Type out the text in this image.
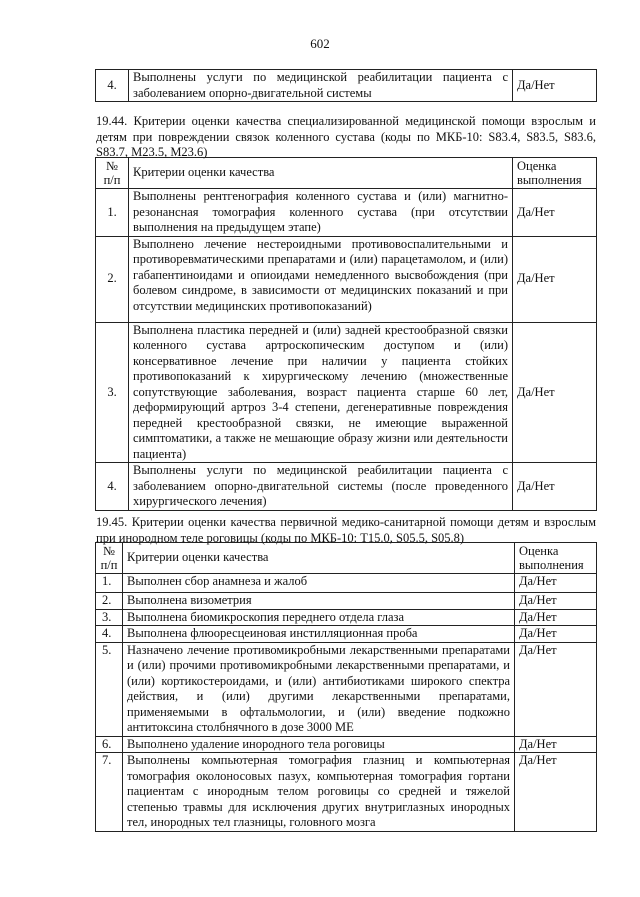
602
4.	Выполнены услуги по медицинской реабилитации пациента с заболеванием опорно-двигательной системы	Да/Нет

19.44. Критерии оценки качества специализированной медицинской помощи взрослым и детям при повреждении связок коленного сустава (коды по МКБ-10: S83.4, S83.5, S83.6, S83.7, M23.5, M23.6)

№ п/п	Критерии оценки качества	Оценка выполнения
1.	Выполнены рентгенография коленного сустава и (или) магнитно-резонансная томография коленного сустава (при отсутствии выполнения на предыдущем этапе)	Да/Нет
2.	Выполнено лечение нестероидными противовоспалительными и противоревматическими препаратами и (или) парацетамолом, и (или) габапентиноидами и опиоидами немедленного высвобождения (при болевом синдроме, в зависимости от медицинских показаний и при отсутствии медицинских противопоказаний)	Да/Нет
3.	Выполнена пластика передней и (или) задней крестообразной связки коленного сустава артроскопическим доступом и (или) консервативное лечение при наличии у пациента стойких противопоказаний к хирургическому лечению (множественные сопутствующие заболевания, возраст пациента старше 60 лет, деформирующий артроз 3-4 степени, дегенеративные повреждения передней крестообразной связки, не имеющие выраженной симптоматики, а также не мешающие образу жизни или деятельности пациента)	Да/Нет
4.	Выполнены услуги по медицинской реабилитации пациента с заболеванием опорно-двигательной системы (после проведенного хирургического лечения)	Да/Нет

19.45. Критерии оценки качества первичной медико-санитарной помощи детям и взрослым при инородном теле роговицы (коды по МКБ-10: T15.0, S05.5, S05.8)

№ п/п	Критерии оценки качества	Оценка выполнения
1.	Выполнен сбор анамнеза и жалоб	Да/Нет
2.	Выполнена визометрия	Да/Нет
3.	Выполнена биомикроскопия переднего отдела глаза	Да/Нет
4.	Выполнена флюоресцеиновая инстилляционная проба	Да/Нет
5.	Назначено лечение противомикробными лекарственными препаратами и (или) прочими противомикробными лекарственными препаратами, и (или) кортикостероидами, и (или) антибиотиками широкого спектра действия, и (или) другими лекарственными препаратами, применяемыми в офтальмологии, и (или) введение подкожно антитоксина столбнячного в дозе 3000 МЕ	Да/Нет
6.	Выполнено удаление инородного тела роговицы	Да/Нет
7.	Выполнены компьютерная томография глазниц и компьютерная томография околоносовых пазух, компьютерная томография гортани пациентам с инородным телом роговицы со средней и тяжелой степенью травмы для исключения других внутриглазных инородных тел, инородных тел глазницы, головного мозга	Да/Нет
